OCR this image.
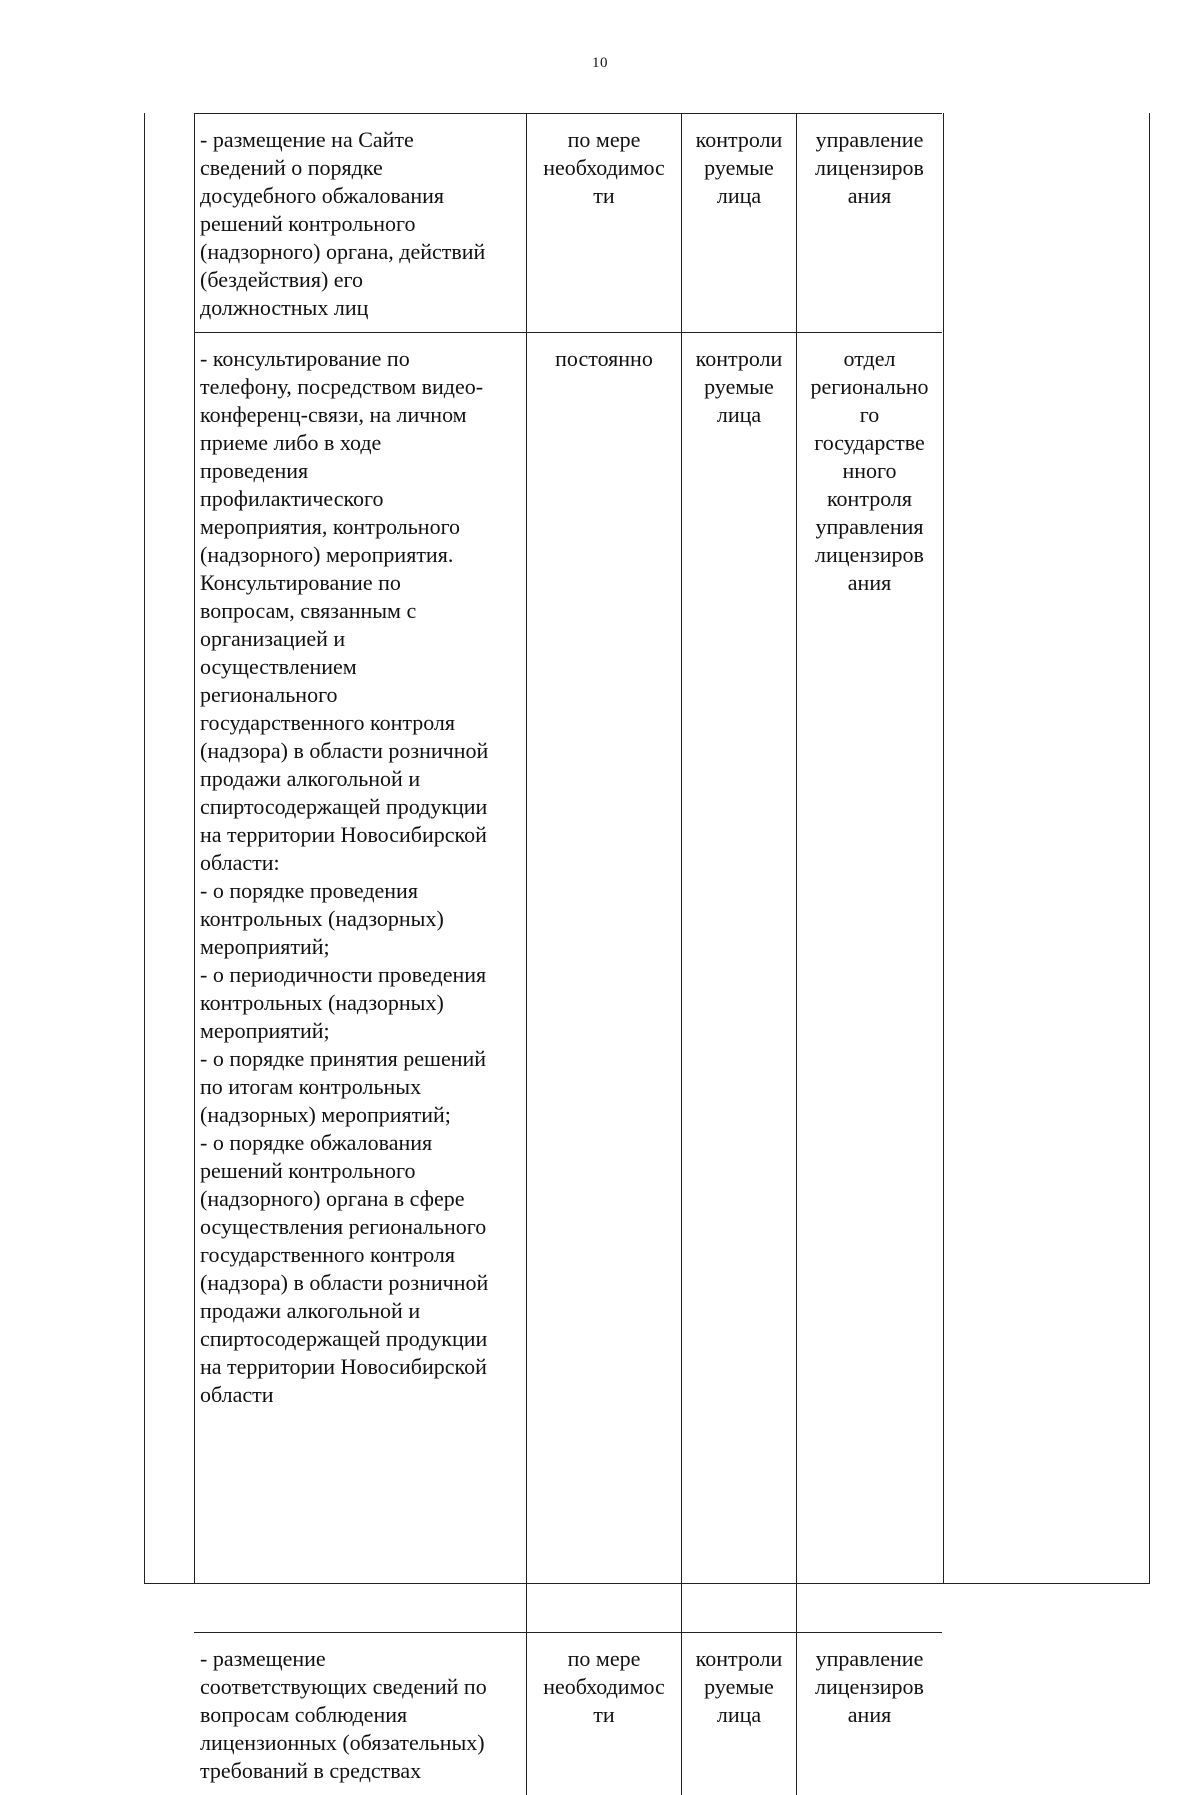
10
- размещение на Сайте
сведений о порядке
досудебного обжалования
решений контрольного
(надзорного) органа, действий
(бездействия) его
должностных лиц
по мере
необходимос
ти
контроли
руемые
лица
управление
лицензиров
ания
- консультирование по
телефону, посредством видео-
конференц-связи, на личном
приеме либо в ходе
проведения
профилактического
мероприятия, контрольного
(надзорного) мероприятия.
Консультирование по
вопросам, связанным с
организацией и
осуществлением
регионального
государственного контроля
(надзора) в области розничной
продажи алкогольной и
спиртосодержащей продукции
на территории Новосибирской
области:
- о порядке проведения
контрольных (надзорных)
мероприятий;
- о периодичности проведения
контрольных (надзорных)
мероприятий;
- о порядке принятия решений
по итогам контрольных
(надзорных) мероприятий;
- о порядке обжалования
решений контрольного
(надзорного) органа в сфере
осуществления регионального
государственного контроля
(надзора) в области розничной
продажи алкогольной и
спиртосодержащей продукции
на территории Новосибирской
области
постоянно	контроли
руемые
лица
отдел
регионально
го
государстве
нного
контроля
управления
лицензиров
ания
- размещение
соответствующих сведений по
вопросам соблюдения
лицензионных (обязательных)
требований в средствах
по мере
необходимос
ти
контроли
руемые
лица
управление
лицензиров
ания
